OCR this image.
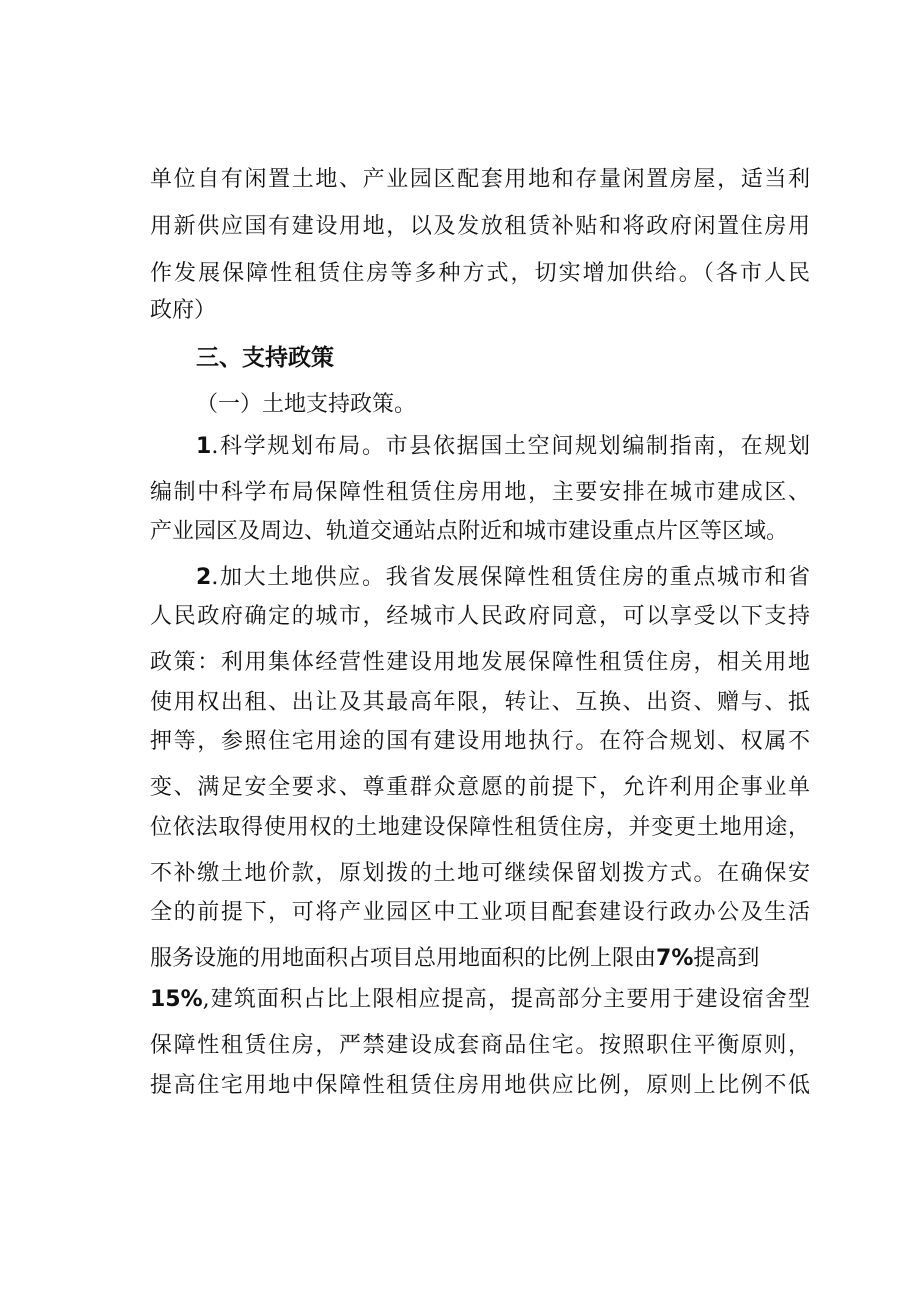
单位自有闲置土地、产业园区配套用地和存量闲置房屋，适当利
用新供应国有建设用地，以及发放租赁补贴和将政府闲置住房用
作发展保障性租赁住房等多种方式，切实增加供给。（各市人民
政府）
三、支持政策
（一）土地支持政策。
1.科学规划布局。市县依据国土空间规划编制指南，在规划
编制中科学布局保障性租赁住房用地，主要安排在城市建成区、
产业园区及周边、轨道交通站点附近和城市建设重点片区等区域。
2.加大土地供应。我省发展保障性租赁住房的重点城市和省
人民政府确定的城市，经城市人民政府同意，可以享受以下支持
政策：利用集体经营性建设用地发展保障性租赁住房，相关用地
使用权出租、出让及其最高年限，转让、互换、出资、赠与、抵
押等，参照住宅用途的国有建设用地执行。在符合规划、权属不
变、满足安全要求、尊重群众意愿的前提下，允许利用企事业单
位依法取得使用权的土地建设保障性租赁住房，并变更土地用途，
不补缴土地价款，原划拨的土地可继续保留划拨方式。在确保安
全的前提下，可将产业园区中工业项目配套建设行政办公及生活
服务设施的用地面积占项目总用地面积的比例上限由7%提高到
15%,建筑面积占比上限相应提高，提高部分主要用于建设宿舍型
保障性租赁住房，严禁建设成套商品住宅。按照职住平衡原则，
提高住宅用地中保障性租赁住房用地供应比例，原则上比例不低
